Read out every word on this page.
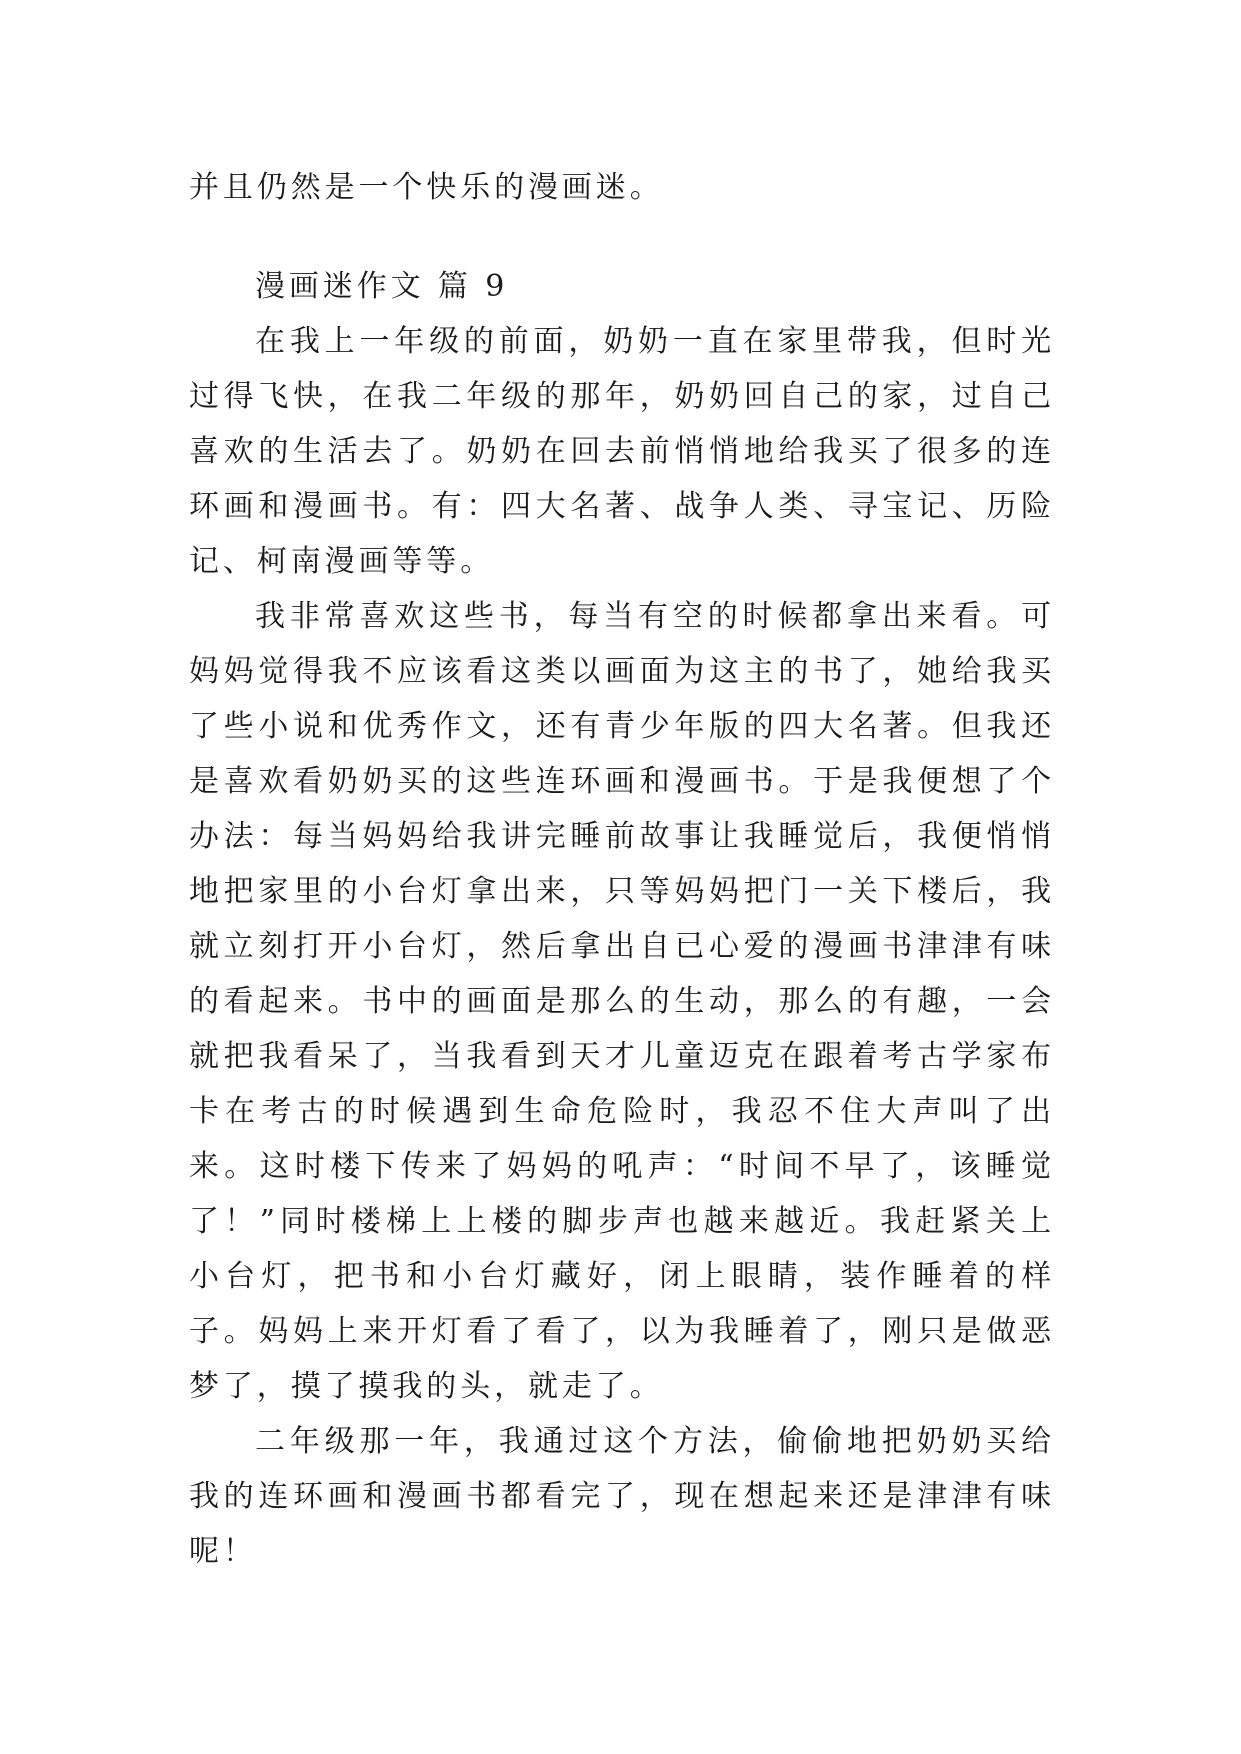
并且仍然是一个快乐的漫画迷。

漫画迷作文 篇 9

在我上一年级的前面，奶奶一直在家里带我，但时光过得飞快，在我二年级的那年，奶奶回自己的家，过自己喜欢的生活去了。奶奶在回去前悄悄地给我买了很多的连环画和漫画书。有：四大名著、战争人类、寻宝记、历险记、柯南漫画等等。

我非常喜欢这些书，每当有空的时候都拿出来看。可妈妈觉得我不应该看这类以画面为这主的书了，她给我买了些小说和优秀作文，还有青少年版的四大名著。但我还是喜欢看奶奶买的这些连环画和漫画书。于是我便想了个办法：每当妈妈给我讲完睡前故事让我睡觉后，我便悄悄地把家里的小台灯拿出来，只等妈妈把门一关下楼后，我就立刻打开小台灯，然后拿出自已心爱的漫画书津津有味的看起来。书中的画面是那么的生动，那么的有趣，一会就把我看呆了，当我看到天才儿童迈克在跟着考古学家布卡在考古的时候遇到生命危险时，我忍不住大声叫了出来。这时楼下传来了妈妈的吼声：“时间不早了，该睡觉了！”同时楼梯上上楼的脚步声也越来越近。我赶紧关上小台灯，把书和小台灯藏好，闭上眼睛，装作睡着的样子。妈妈上来开灯看了看了，以为我睡着了，刚只是做恶梦了，摸了摸我的头，就走了。

二年级那一年，我通过这个方法，偷偷地把奶奶买给我的连环画和漫画书都看完了，现在想起来还是津津有味呢！
